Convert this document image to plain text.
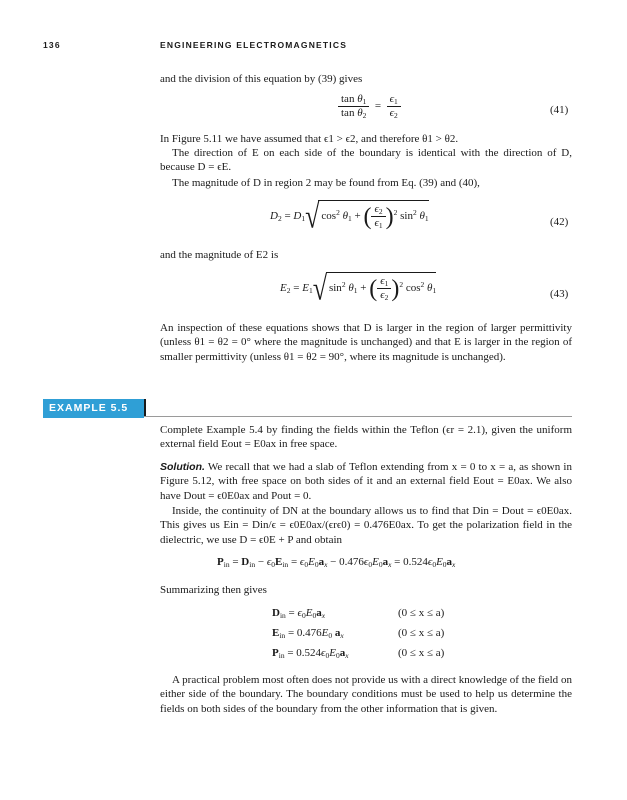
136	ENGINEERING ELECTROMAGNETICS
and the division of this equation by (39) gives
$\frac{\tan \theta_1}{\tan \theta_2} = \frac{\epsilon_1}{\epsilon_2}$	(41)
In Figure 5.11 we have assumed that ϵ1 > ϵ2, and therefore θ1 > θ2.
The direction of E on each side of the boundary is identical with the direction of D, because D = ϵE.
The magnitude of D in region 2 may be found from Eq. (39) and (40),
$D_2 = D_1√$ $\cos^2 \theta_1$ + ( $\frac{\epsilon_2}{\epsilon_1} )^2$ $\sin^2 \theta_1$	(42)
and the magnitude of E2 is
$E_2 = E_1√$ $\sin^2 \theta_1$ + ( $\frac{\epsilon_1}{\epsilon_2} )^2$ $\cos^2 \theta_1$	(43)
An inspection of these equations shows that D is larger in the region of larger permittivity (unless θ1 = θ2 = 0° where the magnitude is unchanged) and that E is larger in the region of smaller permittivity (unless θ1 = θ2 = 90°, where its magnitude is unchanged).
EXAMPLE 5.5
Complete Example 5.4 by finding the fields within the Teflon (ϵr = 2.1), given the uniform external field Eout = E0ax in free space.
Solution. We recall that we had a slab of Teflon extending from x = 0 to x = a, as shown in Figure 5.12, with free space on both sides of it and an external field Eout = E0ax. We also have Dout = ϵ0E0ax and Pout = 0.
Inside, the continuity of DN at the boundary allows us to find that Din = Dout = ϵ0E0ax. This gives us Ein = Din/ϵ = ϵ0E0ax/(ϵrϵ0) = 0.476E0ax. To get the polarization field in the dielectric, we use D = ϵ0E + P and obtain
$P_{in} = D_{in} - \epsilon_0E_{in} = \epsilon_0E_0a_x - 0.476\epsilon_0E_0a_x = 0.524\epsilon_0E_0a_x$
Summarizing then gives
$D_{in} = \epsilon_0E_0a_x$	(0 ≤ x ≤ a)
$E_{in} = 0.476E_0$ $a_x$	(0 ≤ x ≤ a)
$P_{in} = 0.524\epsilon_0E_0a_x$	(0 ≤ x ≤ a)
A practical problem most often does not provide us with a direct knowledge of the field on either side of the boundary. The boundary conditions must be used to help us determine the fields on both sides of the boundary from the other information that is given.
